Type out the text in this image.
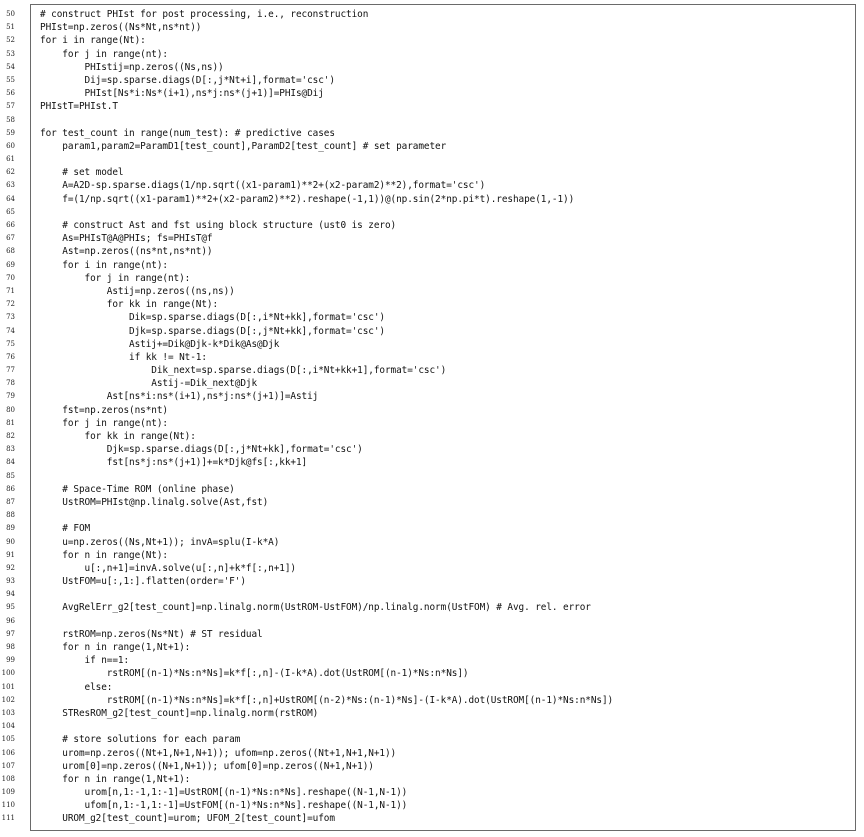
50	# construct PHIst for post processing, i.e., reconstruction
51	PHIst=np.zeros((Ns*Nt,ns*nt))
52	for i in range(Nt):
53	for j in range(nt):
54	PHIstij=np.zeros((Ns,ns))
55	Dij=sp.sparse.diags(D[:,j*Nt+i],format='csc')
56	PHIst[Ns*i:Ns*(i+1),ns*j:ns*(j+1)]=PHIs@Dij
57	PHIstT=PHIst.T
58
59	for test_count in range(num_test): # predictive cases
60	param1,param2=ParamD1[test_count],ParamD2[test_count] # set parameter
61
62	# set model
63	A=A2D-sp.sparse.diags(1/np.sqrt((x1-param1)**2+(x2-param2)**2),format='csc')
64	f=(1/np.sqrt((x1-param1)**2+(x2-param2)**2).reshape(-1,1))@(np.sin(2*np.pi*t).reshape(1,-1))
65
66	# construct Ast and fst using block structure (ust0 is zero)
67	As=PHIsT@A@PHIs; fs=PHIsT@f
68	Ast=np.zeros((ns*nt,ns*nt))
69	for i in range(nt):
70	for j in range(nt):
71	Astij=np.zeros((ns,ns))
72	for kk in range(Nt):
73	Dik=sp.sparse.diags(D[:,i*Nt+kk],format='csc')
74	Djk=sp.sparse.diags(D[:,j*Nt+kk],format='csc')
75	Astij+=Dik@Djk-k*Dik@As@Djk
76	if kk != Nt-1:
77	Dik_next=sp.sparse.diags(D[:,i*Nt+kk+1],format='csc')
78	Astij-=Dik_next@Djk
79	Ast[ns*i:ns*(i+1),ns*j:ns*(j+1)]=Astij
80	fst=np.zeros(ns*nt)
81	for j in range(nt):
82	for kk in range(Nt):
83	Djk=sp.sparse.diags(D[:,j*Nt+kk],format='csc')
84	fst[ns*j:ns*(j+1)]+=k*Djk@fs[:,kk+1]
85
86	# Space-Time ROM (online phase)
87	UstROM=PHIst@np.linalg.solve(Ast,fst)
88
89	# FOM
90	u=np.zeros((Ns,Nt+1)); invA=splu(I-k*A)
91	for n in range(Nt):
92	u[:,n+1]=invA.solve(u[:,n]+k*f[:,n+1])
93	UstFOM=u[:,1:].flatten(order='F')
94
95	AvgRelErr_g2[test_count]=np.linalg.norm(UstROM-UstFOM)/np.linalg.norm(UstFOM) # Avg. rel. error
96
97	rstROM=np.zeros(Ns*Nt) # ST residual
98	for n in range(1,Nt+1):
99	if n==1:
100	rstROM[(n-1)*Ns:n*Ns]=k*f[:,n]-(I-k*A).dot(UstROM[(n-1)*Ns:n*Ns])
101	else:
102	rstROM[(n-1)*Ns:n*Ns]=k*f[:,n]+UstROM[(n-2)*Ns:(n-1)*Ns]-(I-k*A).dot(UstROM[(n-1)*Ns:n*Ns])
103	STResROM_g2[test_count]=np.linalg.norm(rstROM)
104
105	# store solutions for each param
106	urom=np.zeros((Nt+1,N+1,N+1)); ufom=np.zeros((Nt+1,N+1,N+1))
107	urom[0]=np.zeros((N+1,N+1)); ufom[0]=np.zeros((N+1,N+1))
108	for n in range(1,Nt+1):
109	urom[n,1:-1,1:-1]=UstROM[(n-1)*Ns:n*Ns].reshape((N-1,N-1))
110	ufom[n,1:-1,1:-1]=UstFOM[(n-1)*Ns:n*Ns].reshape((N-1,N-1))
111	UROM_g2[test_count]=urom; UFOM_2[test_count]=ufom
